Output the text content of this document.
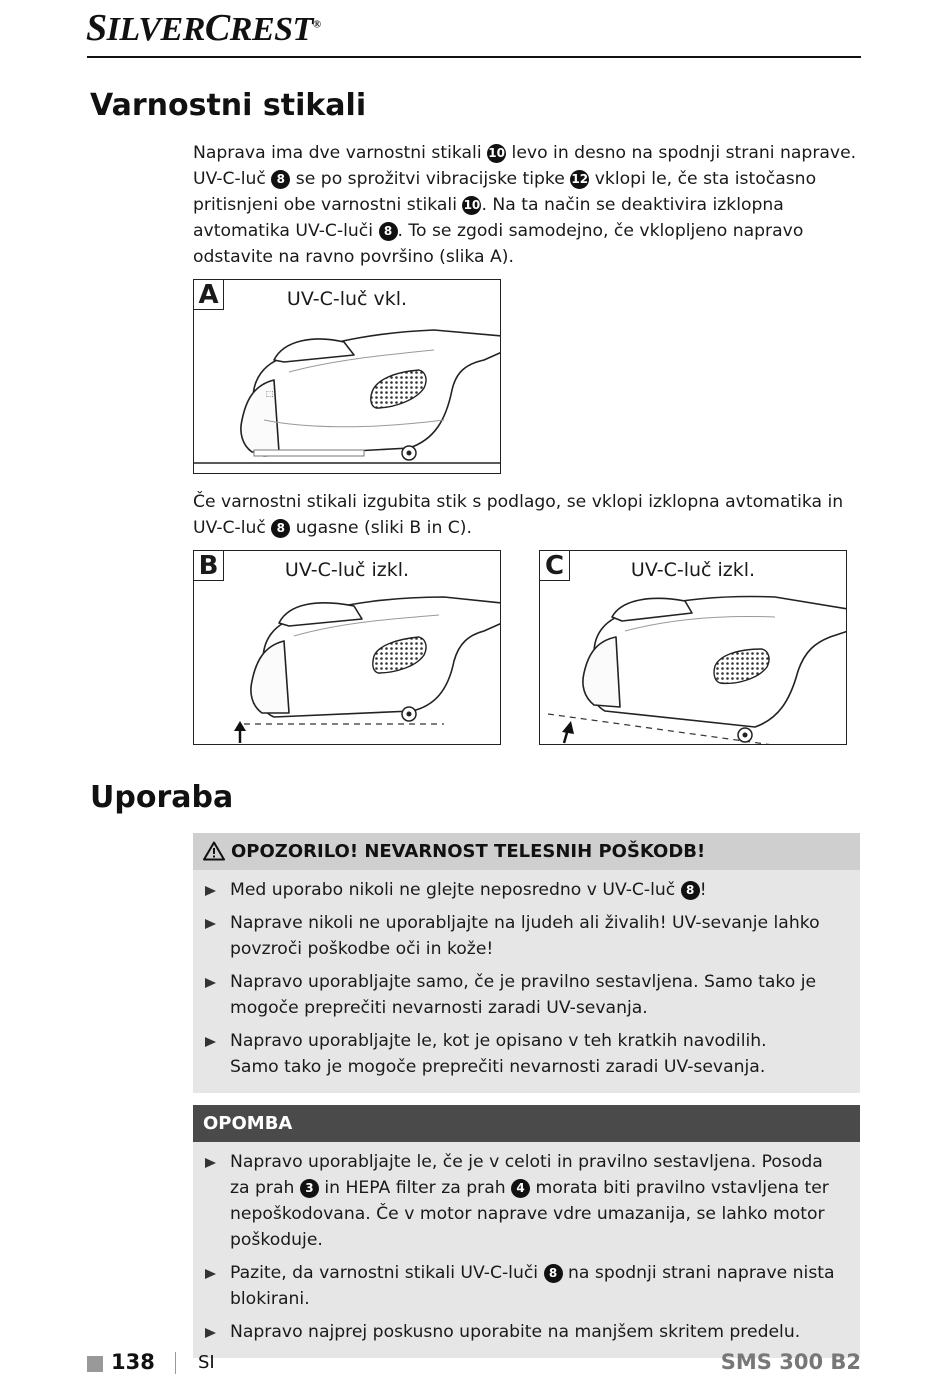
SILVERCREST®
Varnostni stikali

Naprava ima dve varnostni stikali 10 levo in desno na spodnji strani naprave. UV-C-luč 8 se po sprožitvi vibracijske tipke 12 vklopi le, če sta istočasno pritisnjeni obe varnostni stikali 10. Na ta način se deaktivira izklopna avtomatika UV-C-luči 8 . To se zgodi samodejno, če vklopljeno napravo odstavite na ravno površino (slika A).

A	UV-C-luč vkl.
⬚

Če varnostni stikali izgubita stik s podlago, se vklopi izklopna avtomatika in UV-C-luč 8 ugasne (sliki B in C).

B	UV-C-luč izkl.	C	UV-C-luč izkl.
Uporaba
OPOZORILO! NEVARNOST TELESNIH POŠKODB!
Med uporabo nikoli ne glejte neposredno v UV-C-luč 8 !
Naprave nikoli ne uporabljajte na ljudeh ali živalih! UV-sevanje lahko povzroči poškodbe oči in kože!
Napravo uporabljajte samo, če je pravilno sestavljena. Samo tako je mogoče preprečiti nevarnosti zaradi UV-sevanja.
Napravo uporabljajte le, kot je opisano v teh kratkih navodilih.
Samo tako je mogoče preprečiti nevarnosti zaradi UV-sevanja.
OPOMBA
Napravo uporabljajte le, če je v celoti in pravilno sestavljena. Posoda za prah 3 in HEPA filter za prah 4 morata biti pravilno vstavljena ter nepoškodovana. Če v motor naprave vdre umazanija, se lahko motor poškoduje.
Pazite, da varnostni stikali UV-C-luči 8 na spodnji strani naprave nista blokirani.
Napravo najprej poskusno uporabite na manjšem skritem predelu.
138 SI	SMS 300 B2
